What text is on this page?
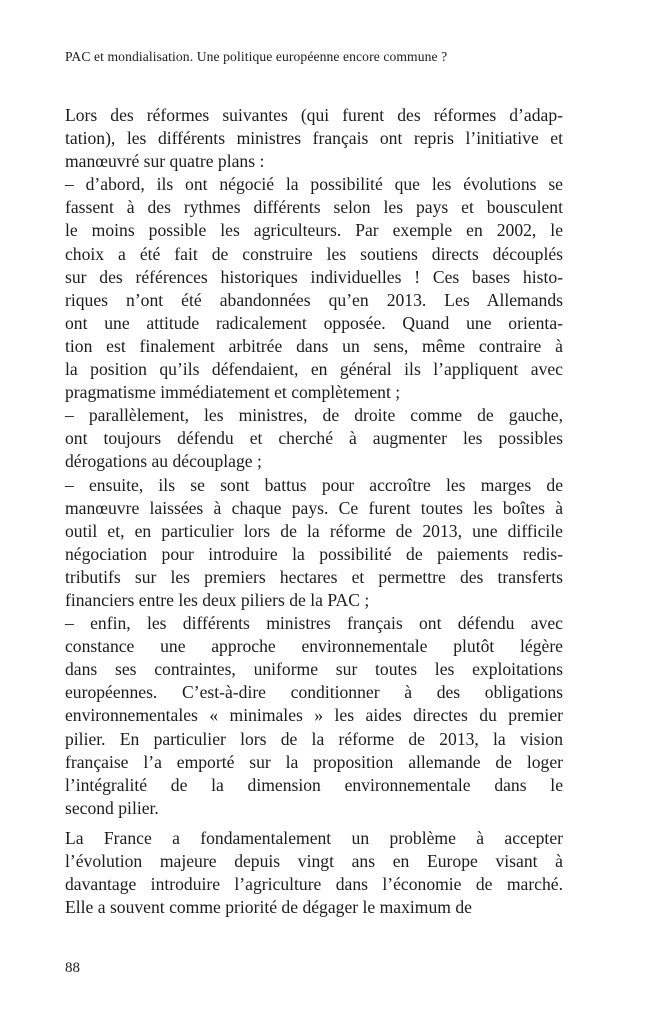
PAC et mondialisation. Une politique européenne encore commune ?

Lors des réformes suivantes (qui furent des réformes d’adap-
tation), les différents ministres français ont repris l’initiative et
manœuvré sur quatre plans :
– d’abord, ils ont négocié la possibilité que les évolutions se
fassent à des rythmes différents selon les pays et bousculent
le moins possible les agriculteurs. Par exemple en 2002, le
choix a été fait de construire les soutiens directs découplés
sur des références historiques individuelles ! Ces bases histo-
riques n’ont été abandonnées qu’en 2013. Les Allemands
ont une attitude radicalement opposée. Quand une orienta-
tion est finalement arbitrée dans un sens, même contraire à
la position qu’ils défendaient, en général ils l’appliquent avec
pragmatisme immédiatement et complètement ;
– parallèlement, les ministres, de droite comme de gauche,
ont toujours défendu et cherché à augmenter les possibles
dérogations au découplage ;
– ensuite, ils se sont battus pour accroître les marges de
manœuvre laissées à chaque pays. Ce furent toutes les boîtes à
outil et, en particulier lors de la réforme de 2013, une difficile
négociation pour introduire la possibilité de paiements redis-
tributifs sur les premiers hectares et permettre des transferts
financiers entre les deux piliers de la PAC ;
– enfin, les différents ministres français ont défendu avec
constance une approche environnementale plutôt légère
dans ses contraintes, uniforme sur toutes les exploitations
européennes. C’est-à-dire conditionner à des obligations
environnementales « minimales » les aides directes du premier
pilier. En particulier lors de la réforme de 2013, la vision
française l’a emporté sur la proposition allemande de loger
l’intégralité de la dimension environnementale dans le
second pilier.

La France a fondamentalement un problème à accepter
l’évolution majeure depuis vingt ans en Europe visant à
davantage introduire l’agriculture dans l’économie de marché.
Elle a souvent comme priorité de dégager le maximum de

88
